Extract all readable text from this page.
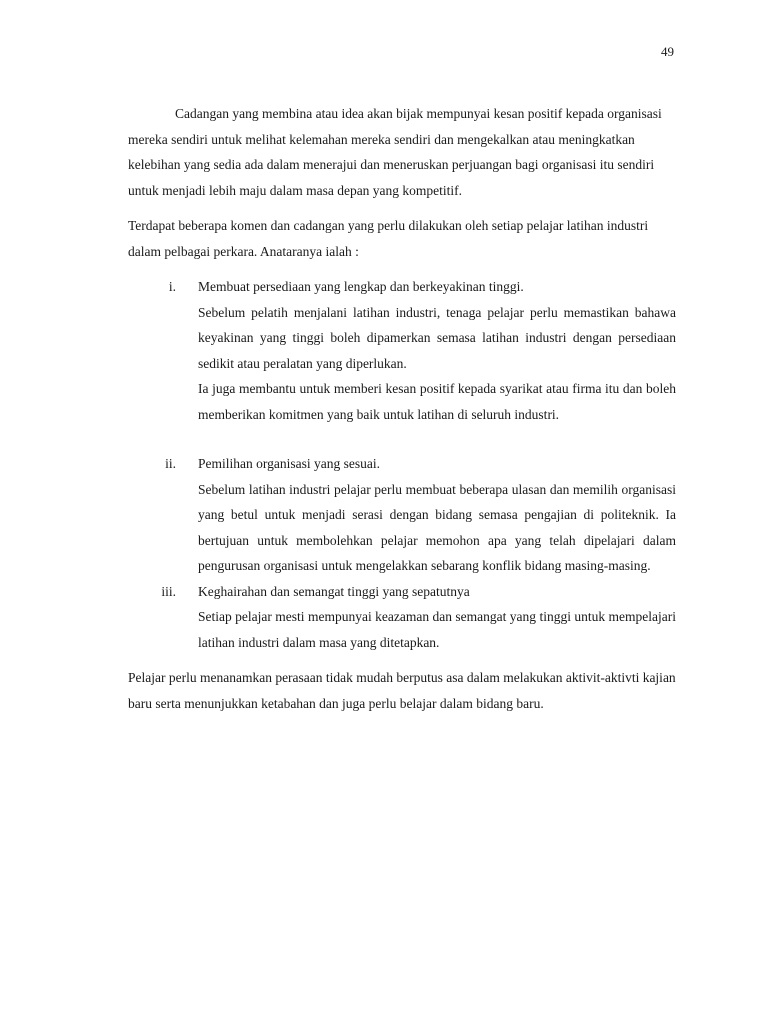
49

Cadangan yang membina atau idea akan bijak mempunyai kesan positif kepada organisasi mereka sendiri untuk melihat kelemahan mereka sendiri dan mengekalkan atau meningkatkan kelebihan yang sedia ada dalam menerajui dan meneruskan perjuangan bagi organisasi itu sendiri untuk menjadi lebih maju dalam masa depan yang kompetitif.

Terdapat beberapa komen dan cadangan yang perlu dilakukan oleh setiap pelajar latihan industri dalam pelbagai perkara. Anataranya ialah :

i. Membuat persediaan yang lengkap dan berkeyakinan tinggi.
Sebelum pelatih menjalani latihan industri, tenaga pelajar perlu memastikan bahawa keyakinan yang tinggi boleh dipamerkan semasa latihan industri dengan persediaan sedikit atau peralatan yang diperlukan.
Ia juga membantu untuk memberi kesan positif kepada syarikat atau firma itu dan boleh memberikan komitmen yang baik untuk latihan di seluruh industri.
ii. Pemilihan organisasi yang sesuai.
Sebelum latihan industri pelajar perlu membuat beberapa ulasan dan memilih organisasi yang betul untuk menjadi serasi dengan bidang semasa pengajian di politeknik. Ia bertujuan untuk membolehkan pelajar memohon apa yang telah dipelajari dalam pengurusan organisasi untuk mengelakkan sebarang konflik bidang masing-masing.
iii. Keghairahan dan semangat tinggi yang sepatutnya
Setiap pelajar mesti mempunyai keazaman dan semangat yang tinggi untuk mempelajari latihan industri dalam masa yang ditetapkan.

Pelajar perlu menanamkan perasaan tidak mudah berputus asa dalam melakukan aktivit-aktivti kajian baru serta menunjukkan ketabahan dan juga perlu belajar dalam bidang baru.
